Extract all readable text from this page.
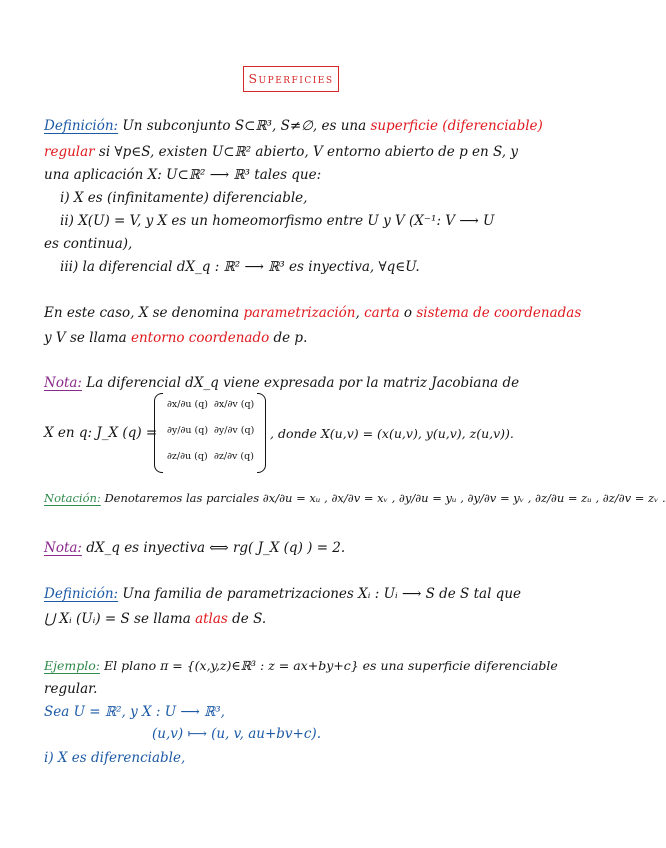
Superficies
Definición: Un subconjunto S⊂ℝ³, S≠∅, es una superficie (diferenciable)
regular si ∀p∈S, existen U⊂ℝ² abierto, V entorno abierto de p en S, y
una aplicación X: U⊂ℝ² ⟶ ℝ³ tales que:
i) X es (infinitamente) diferenciable,
ii) X(U) = V, y X es un homeomorfismo entre U y V (X⁻¹: V ⟶ U
es continua),
iii) la diferencial dX_q : ℝ² ⟶ ℝ³ es inyectiva, ∀q∈U.
En este caso, X se denomina parametrización, carta o sistema de coordenadas
y V se llama entorno coordenado de p.
Nota: La diferencial dX_q viene expresada por la matriz Jacobiana de
X en q: J_X (q) =
∂x/∂u (q) ∂x/∂v (q)
∂y/∂u (q) ∂y/∂v (q)
∂z/∂u (q) ∂z/∂v (q)
, donde X(u,v) = (x(u,v), y(u,v), z(u,v)).
Notación: Denotaremos las parciales ∂x/∂u = xᵤ , ∂x/∂v = xᵥ , ∂y/∂u = yᵤ , ∂y/∂v = yᵥ , ∂z/∂u = zᵤ , ∂z/∂v = zᵥ .
Nota: dX_q es inyectiva ⟺ rg( J_X (q) ) = 2.
Definición: Una familia de parametrizaciones Xᵢ : Uᵢ ⟶ S de S tal que
⋃ Xᵢ (Uᵢ) = S se llama atlas de S.
Ejemplo: El plano π = {(x,y,z)∈ℝ³ : z = ax+by+c} es una superficie diferenciable
regular.
Sea U = ℝ², y X : U ⟶ ℝ³,
(u,v) ⟼ (u, v, au+bv+c).
i) X es diferenciable,
